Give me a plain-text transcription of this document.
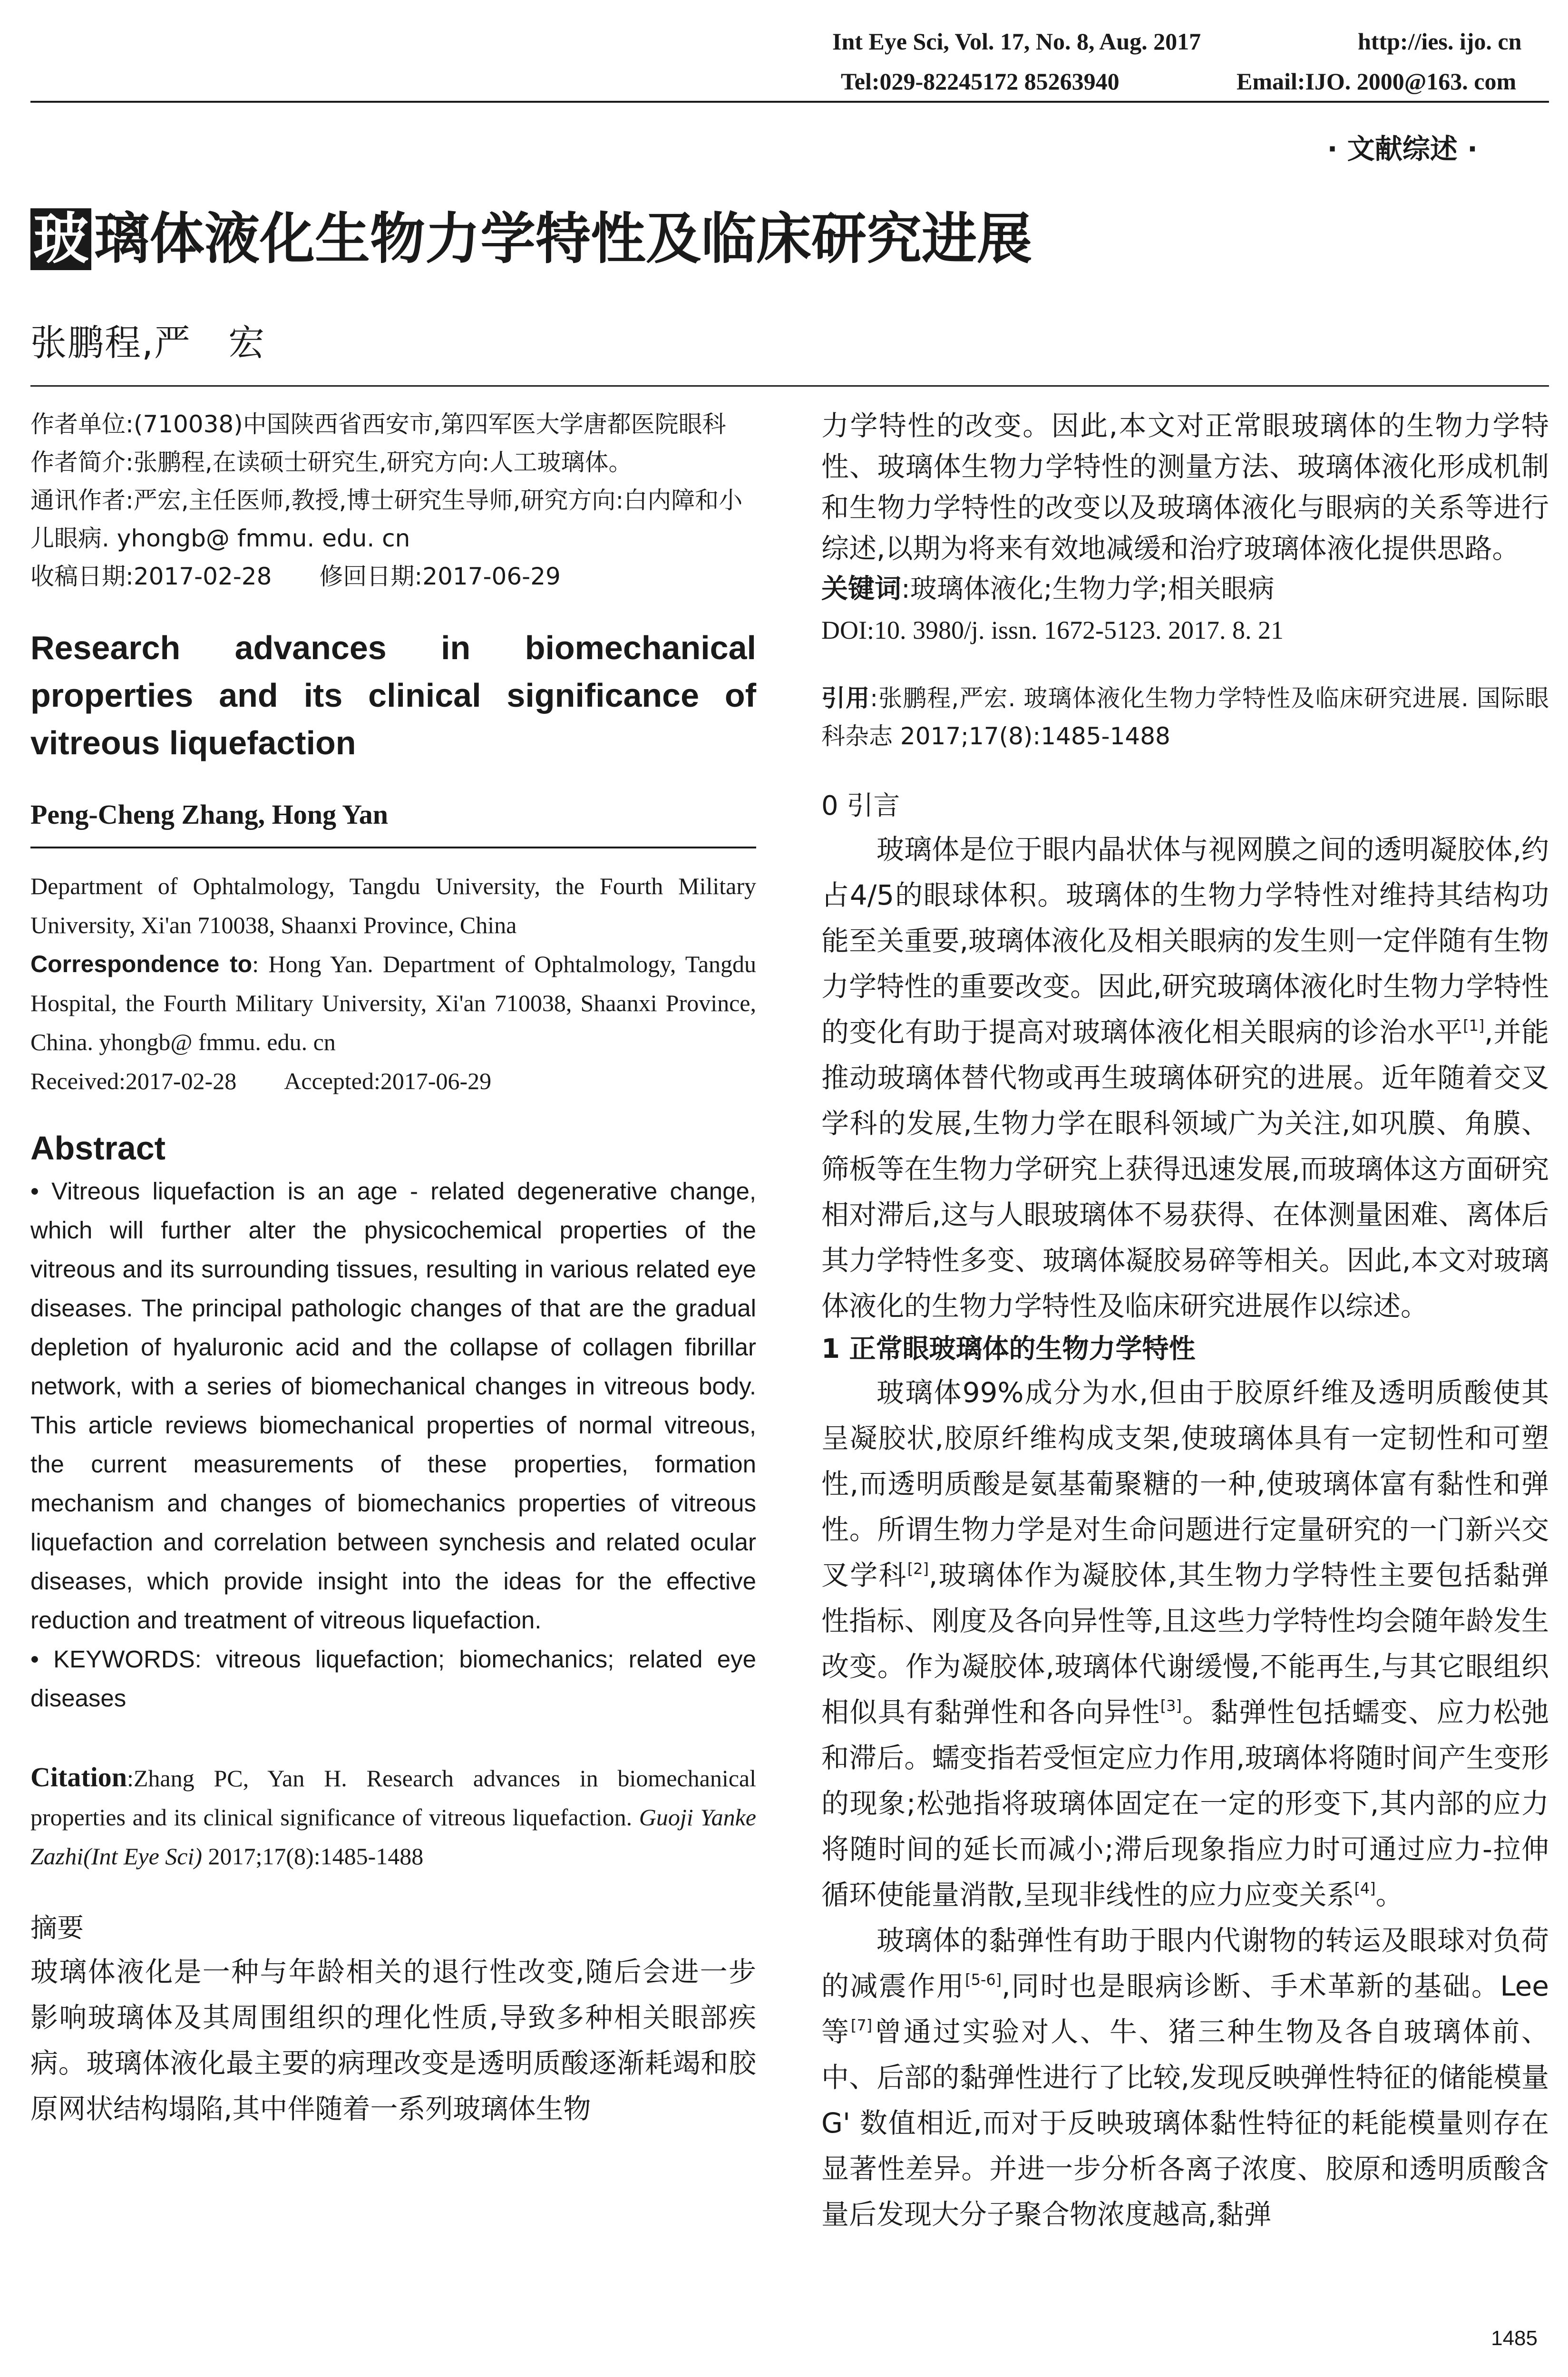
Int Eye Sci, Vol. 17, No. 8, Aug. 2017	http://ies. ijo. cn
Tel:029-82245172 85263940	Email:IJO. 2000@163. com
· 文献综述 ·
玻 璃体液化生物力学特性及临床研究进展
张鹏程,严　宏

作者单位:(710038)中国陕西省西安市,第四军医大学唐都医院眼科

作者简介:张鹏程,在读硕士研究生,研究方向:人工玻璃体。

通讯作者:严宏,主任医师,教授,博士研究生导师,研究方向:白内障和小儿眼病. yhongb@ fmmu. edu. cn

收稿日期:2017-02-28　　修回日期:2017-06-29

Research advances in biomechanical properties and its clinical significance of vitreous liquefaction

Peng-Cheng Zhang, Hong Yan

Department of Ophtalmology, Tangdu University, the Fourth Military University, Xi'an 710038, Shaanxi Province, China

Correspondence to: Hong Yan. Department of Ophtalmology, Tangdu Hospital, the Fourth Military University, Xi'an 710038, Shaanxi Province, China. yhongb@ fmmu. edu. cn

Received:2017-02-28　　Accepted:2017-06-29

Abstract

• Vitreous liquefaction is an age - related degenerative change, which will further alter the physicochemical properties of the vitreous and its surrounding tissues, resulting in various related eye diseases. The principal pathologic changes of that are the gradual depletion of hyaluronic acid and the collapse of collagen fibrillar network, with a series of biomechanical changes in vitreous body. This article reviews biomechanical properties of normal vitreous, the current measurements of these properties, formation mechanism and changes of biomechanics properties of vitreous liquefaction and correlation between synchesis and related ocular diseases, which provide insight into the ideas for the effective reduction and treatment of vitreous liquefaction.

• KEYWORDS: vitreous liquefaction; biomechanics; related eye diseases

Citation:Zhang PC, Yan H. Research advances in biomechanical properties and its clinical significance of vitreous liquefaction. Guoji Yanke Zazhi(Int Eye Sci) 2017;17(8):1485-1488

摘要

玻璃体液化是一种与年龄相关的退行性改变,随后会进一步影响玻璃体及其周围组织的理化性质,导致多种相关眼部疾病。玻璃体液化最主要的病理改变是透明质酸逐渐耗竭和胶原网状结构塌陷,其中伴随着一系列玻璃体生物

力学特性的改变。因此,本文对正常眼玻璃体的生物力学特性、玻璃体生物力学特性的测量方法、玻璃体液化形成机制和生物力学特性的改变以及玻璃体液化与眼病的关系等进行综述,以期为将来有效地减缓和治疗玻璃体液化提供思路。

关键词:玻璃体液化;生物力学;相关眼病

DOI:10. 3980/j. issn. 1672-5123. 2017. 8. 21

引用:张鹏程,严宏. 玻璃体液化生物力学特性及临床研究进展. 国际眼科杂志 2017;17(8):1485-1488

0 引言

玻璃体是位于眼内晶状体与视网膜之间的透明凝胶体,约占4/5的眼球体积。玻璃体的生物力学特性对维持其结构功能至关重要,玻璃体液化及相关眼病的发生则一定伴随有生物力学特性的重要改变。因此,研究玻璃体液化时生物力学特性的变化有助于提高对玻璃体液化相关眼病的诊治水平[1],并能推动玻璃体替代物或再生玻璃体研究的进展。近年随着交叉学科的发展,生物力学在眼科领域广为关注,如巩膜、角膜、筛板等在生物力学研究上获得迅速发展,而玻璃体这方面研究相对滞后,这与人眼玻璃体不易获得、在体测量困难、离体后其力学特性多变、玻璃体凝胶易碎等相关。因此,本文对玻璃体液化的生物力学特性及临床研究进展作以综述。

1 正常眼玻璃体的生物力学特性

玻璃体99%成分为水,但由于胶原纤维及透明质酸使其呈凝胶状,胶原纤维构成支架,使玻璃体具有一定韧性和可塑性,而透明质酸是氨基葡聚糖的一种,使玻璃体富有黏性和弹性。所谓生物力学是对生命问题进行定量研究的一门新兴交叉学科[2],玻璃体作为凝胶体,其生物力学特性主要包括黏弹性指标、刚度及各向异性等,且这些力学特性均会随年龄发生改变。作为凝胶体,玻璃体代谢缓慢,不能再生,与其它眼组织相似具有黏弹性和各向异性[3]。黏弹性包括蠕变、应力松弛和滞后。蠕变指若受恒定应力作用,玻璃体将随时间产生变形的现象;松弛指将玻璃体固定在一定的形变下,其内部的应力将随时间的延长而减小;滞后现象指应力时可通过应力-拉伸循环使能量消散,呈现非线性的应力应变关系[4]。

玻璃体的黏弹性有助于眼内代谢物的转运及眼球对负荷的减震作用[5-6],同时也是眼病诊断、手术革新的基础。Lee 等[7]曾通过实验对人、牛、猪三种生物及各自玻璃体前、中、后部的黏弹性进行了比较,发现反映弹性特征的储能模量 G' 数值相近,而对于反映玻璃体黏性特征的耗能模量则存在显著性差异。并进一步分析各离子浓度、胶原和透明质酸含量后发现大分子聚合物浓度越高,黏弹

1485
